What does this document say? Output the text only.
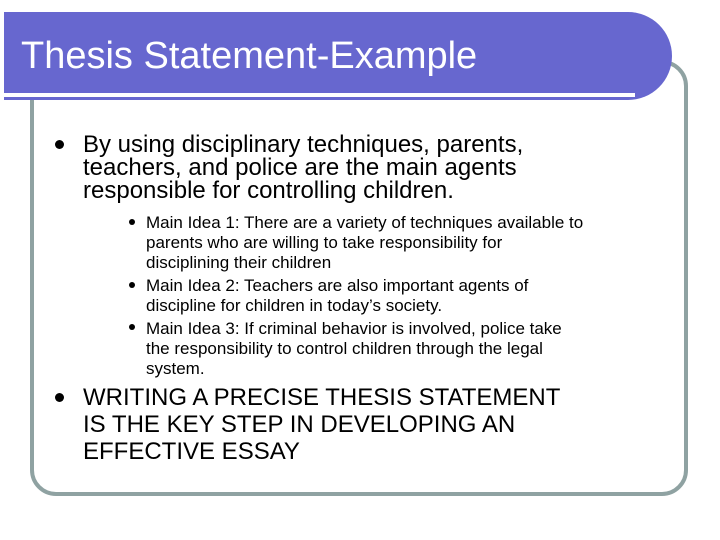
Thesis Statement-Example

By using disciplinary techniques, parents,

teachers, and police are the main agents

responsible for controlling children.

Main Idea 1: There are a variety of techniques available to

parents who are willing to take responsibility for

disciplining their children

Main Idea 2: Teachers are also important agents of

discipline for children in today’s society.

Main Idea 3: If criminal behavior is involved, police take

the responsibility to control children through the legal

system.

WRITING A PRECISE THESIS STATEMENT

IS THE KEY STEP IN DEVELOPING AN

EFFECTIVE ESSAY
